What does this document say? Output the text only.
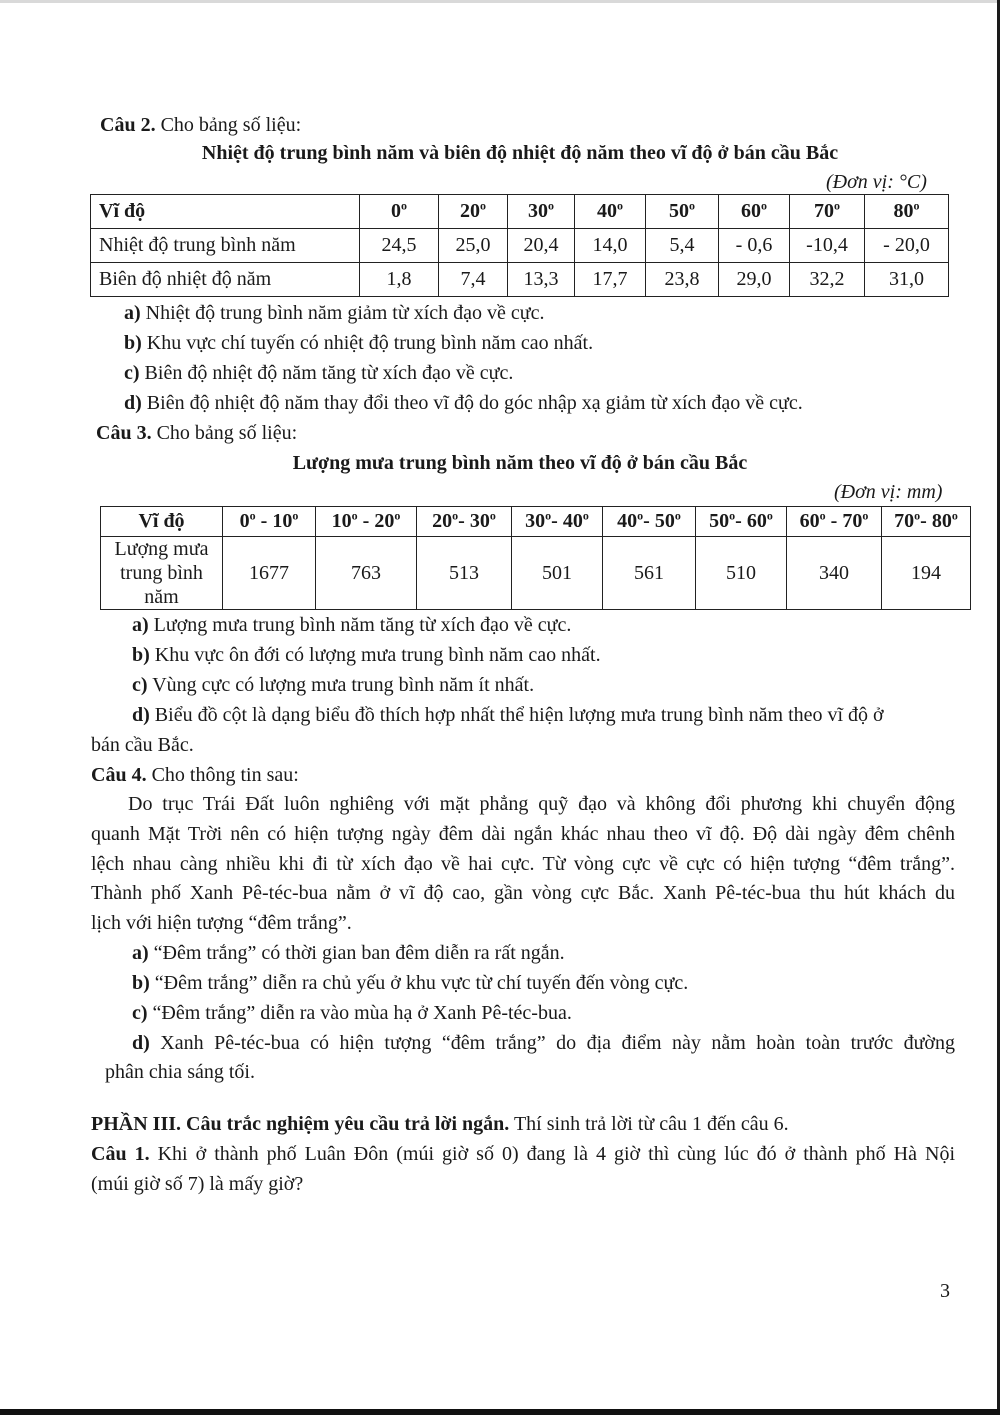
Câu 2. Cho bảng số liệu:
Nhiệt độ trung bình năm và biên độ nhiệt độ năm theo vĩ độ ở bán cầu Bắc
(Đơn vị: °C)
Vĩ độ	0$^o$	20$^o$	30$^o$	40$^o$	50$^o$	60$^o$	70$^o$	80$^o$
Nhiệt độ trung bình năm	24,5	25,0	20,4	14,0	5,4	- 0,6	-10,4	- 20,0
Biên độ nhiệt độ năm	1,8	7,4	13,3	17,7	23,8	29,0	32,2	31,0
a) Nhiệt độ trung bình năm giảm từ xích đạo về cực.
b) Khu vực chí tuyến có nhiệt độ trung bình năm cao nhất.
c) Biên độ nhiệt độ năm tăng từ xích đạo về cực.
d) Biên độ nhiệt độ năm thay đổi theo vĩ độ do góc nhập xạ giảm từ xích đạo về cực.
Câu 3. Cho bảng số liệu:
Lượng mưa trung bình năm theo vĩ độ ở bán cầu Bắc
(Đơn vị: mm)
Vĩ độ	0$^o$ - 10$^o$	10$^o$ - 20$^o$	20$^o$- 30$^o$	30$^o$- 40$^o$	40$^o$- 50$^o$	50$^o$- 60$^o$	60$^o$ - 70$^o$	70$^o$- 80$^o$

Lượng mưa
trung bình
năm	1677	763	513	501	561	510	340	194
a) Lượng mưa trung bình năm tăng từ xích đạo về cực.
b) Khu vực ôn đới có lượng mưa trung bình năm cao nhất.
c) Vùng cực có lượng mưa trung bình năm ít nhất.
d) Biểu đồ cột là dạng biểu đồ thích hợp nhất thể hiện lượng mưa trung bình năm theo vĩ độ ở
bán cầu Bắc.
Câu 4. Cho thông tin sau:
Do trục Trái Đất luôn nghiêng với mặt phẳng quỹ đạo và không đổi phương khi chuyển động
quanh Mặt Trời nên có hiện tượng ngày đêm dài ngắn khác nhau theo vĩ độ. Độ dài ngày đêm chênh
lệch nhau càng nhiều khi đi từ xích đạo về hai cực. Từ vòng cực về cực có hiện tượng “đêm trắng”.
Thành phố Xanh Pê-téc-bua nằm ở vĩ độ cao, gần vòng cực Bắc. Xanh Pê-téc-bua thu hút khách du
lịch với hiện tượng “đêm trắng”.
a) “Đêm trắng” có thời gian ban đêm diễn ra rất ngắn.
b) “Đêm trắng” diễn ra chủ yếu ở khu vực từ chí tuyến đến vòng cực.
c) “Đêm trắng” diễn ra vào mùa hạ ở Xanh Pê-téc-bua.
d) Xanh Pê-téc-bua có hiện tượng “đêm trắng” do địa điểm này nằm hoàn toàn trước đường
phân chia sáng tối.
PHẦN III. Câu trắc nghiệm yêu cầu trả lời ngắn. Thí sinh trả lời từ câu 1 đến câu 6.
Câu 1. Khi ở thành phố Luân Đôn (múi giờ số 0) đang là 4 giờ thì cùng lúc đó ở thành phố Hà Nội
(múi giờ số 7) là mấy giờ?
3
